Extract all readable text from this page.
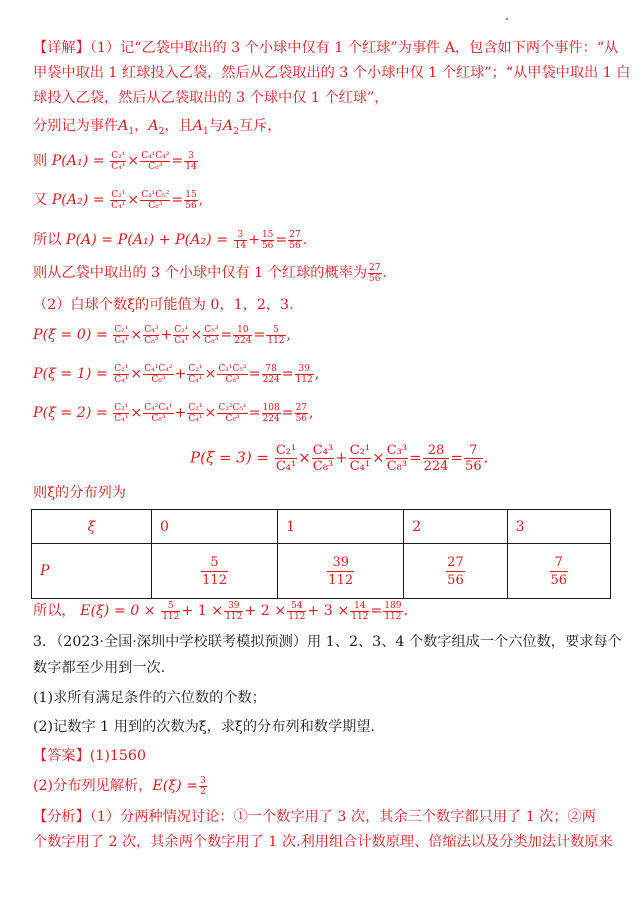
【详解】（1）记“乙袋中取出的 3 个小球中仅有 1 个红球”为事件 A，包含如下两个事件：“从
甲袋中取出 1 红球投入乙袋，然后从乙袋取出的 3 个小球中仅 1 个红球”；“从甲袋中取出 1 白
球投入乙袋，然后从乙袋取出的 3 个球中仅 1 个红球”，
分别记为事件$A_1$，$A_2$，且$A_1$与$A_2$互斥，
则 $P(A_1) = \frac{\text{C₂¹}}{\text{C₄¹}} \times \frac{\text{C₄¹C₄²}}{\text{C₈³}} = \frac{3}{14}$
又 $P(A_2) = \frac{\text{C₂¹}}{\text{C₄¹}} \times \frac{\text{C₃¹C₅²}}{\text{C₈³}} = \frac{15}{56}$ ,
所以 $P(A) = P(A_1) + P(A_2) = \frac{3}{14} + \frac{15}{56} = \frac{27}{56}$ .
则从乙袋中取出的 3 个小球中仅有 1 个红球的概率为 $\frac{27}{56}$ .
（2）白球个数ξ的可能值为 0，1，2，3.
$P(\xi = 0) = \frac{\text{C₂¹}}{\text{C₄¹}} \times \frac{\text{C₄³}}{\text{C₈³}} + \frac{\text{C₂¹}}{\text{C₄¹}} \times \frac{\text{C₅³}}{\text{C₈³}} = \frac{10}{224} = \frac{5}{112}$ ,
$P(\xi = 1) = \frac{\text{C₂¹}}{\text{C₄¹}} \times \frac{\text{C₄¹C₄²}}{\text{C₈³}} + \frac{\text{C₂¹}}{\text{C₄¹}} \times \frac{\text{C₃¹C₅²}}{\text{C₈³}} = \frac{78}{224} = \frac{39}{112}$ ,
$P(\xi = 2) = \frac{\text{C₂¹}}{\text{C₄¹}} \times \frac{\text{C₄²C₄¹}}{\text{C₈³}} + \frac{\text{C₂¹}}{\text{C₄¹}} \times \frac{\text{C₃²C₅¹}}{\text{C₈³}} = \frac{108}{224} = \frac{27}{56}$ ,
$P(\xi = 3) = \frac{\text{C₂¹}}{\text{C₄¹}} \times \frac{\text{C₄³}}{\text{C₈³}} + \frac{\text{C₂¹}}{\text{C₄¹}} \times \frac{\text{C₃³}}{\text{C₈³}} = \frac{28}{224} = \frac{7}{56}$ .
则ξ的分布列为
ξ	0	1	2	3
P	$\frac{5}{112}$	$\frac{39}{112}$	$\frac{27}{56}$	$\frac{7}{56}$
所以， $E(\xi) = 0 \times \frac{5}{112} + 1 \times \frac{39}{112} + 2 \times \frac{54}{112} + 3 \times \frac{14}{112} = \frac{189}{112}$ .
3．（2023·全国·深圳中学校联考模拟预测）用 1、2、3、4 个数字组成一个六位数，要求每个
数字都至少用到一次.
(1)求所有满足条件的六位数的个数；
(2)记数字 1 用到的次数为ξ，求ξ的分布列和数学期望.
【答案】(1)1560
(2)分布列见解析，$E(\xi) = \frac{3}{2}$
【分析】（1）分两种情况讨论：①一个数字用了 3 次，其余三个数字都只用了 1 次；②两
个数字用了 2 次，其余两个数字用了 1 次.利用组合计数原理、倍缩法以及分类加法计数原来
